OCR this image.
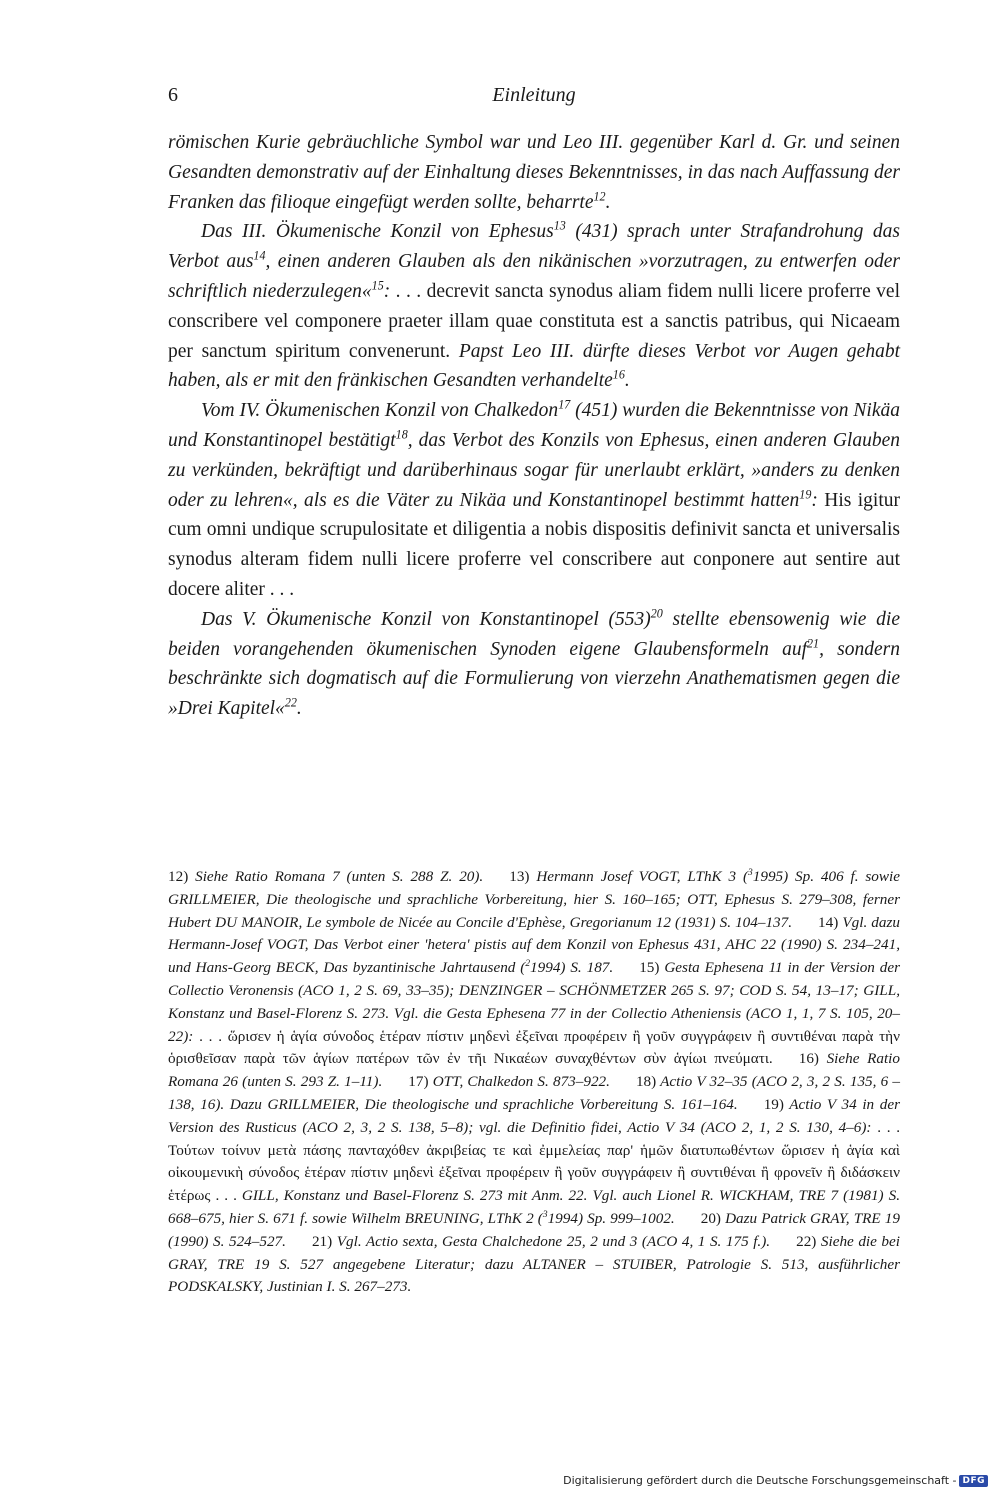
6	Einleitung

römischen Kurie gebräuchliche Symbol war und Leo III. gegenüber Karl d. Gr. und seinen Gesandten demonstrativ auf der Einhaltung dieses Bekenntnisses, in das nach Auffassung der Franken das filioque eingefügt werden sollte, beharrte$^{12}$.

Das III. Ökumenische Konzil von Ephesus$^{13}$ (431) sprach unter Strafandrohung das Verbot aus$^{14}$, einen anderen Glauben als den nikänischen »vorzutragen, zu entwerfen oder schriftlich niederzulegen«$^{15}$: . . . decrevit sancta synodus aliam fidem nulli licere proferre vel conscribere vel componere praeter illam quae constituta est a sanctis patribus, qui Nicaeam per sanctum spiritum convenerunt. Papst Leo III. dürfte dieses Verbot vor Augen gehabt haben, als er mit den fränkischen Gesandten verhandelte$^{16}$.

Vom IV. Ökumenischen Konzil von Chalkedon$^{17}$ (451) wurden die Bekenntnisse von Nikäa und Konstantinopel bestätigt$^{18}$, das Verbot des Konzils von Ephesus, einen anderen Glauben zu verkünden, bekräftigt und darüberhinaus sogar für unerlaubt erklärt, »anders zu denken oder zu lehren«, als es die Väter zu Nikäa und Konstantinopel bestimmt hatten$^{19}$: His igitur cum omni undique scrupulositate et diligentia a nobis dispositis definivit sancta et universalis synodus alteram fidem nulli licere proferre vel conscribere aut conponere aut sentire aut docere aliter . . .

Das V. Ökumenische Konzil von Konstantinopel $(553)^{20}$ stellte ebensowenig wie die beiden vorangehenden ökumenischen Synoden eigene Glaubensformeln auf$^{21}$, sondern beschränkte sich dogmatisch auf die Formulierung von vierzehn Anathematismen gegen die »Drei Kapitel«$^{22}$.

12) Siehe Ratio Romana 7 (unten S. 288 Z. 20). 13) Hermann Josef VOGT, LThK 3 ($^3$1995) Sp. 406 f. sowie GRILLMEIER, Die theologische und sprachliche Vorbereitung, hier S. 160–165; OTT, Ephesus S. 279–308, ferner Hubert DU MANOIR, Le symbole de Nicée au Concile d'Ephèse, Gregorianum 12 (1931) S. 104–137. 14) Vgl. dazu Hermann-Josef VOGT, Das Verbot einer 'hetera' pistis auf dem Konzil von Ephesus 431, AHC 22 (1990) S. 234–241, und Hans-Georg BECK, Das byzantinische Jahrtausend ($^2$1994) S. 187. 15) Gesta Ephesena 11 in der Version der Collectio Veronensis (ACO 1, 2 S. 69, 33–35); DENZINGER – SCHÖNMETZER 265 S. 97; COD S. 54, 13–17; GILL, Konstanz und Basel-Florenz S. 273. Vgl. die Gesta Ephesena 77 in der Collectio Atheniensis (ACO 1, 1, 7 S. 105, 20–22): . . . ὥρισεν ἡ ἁγία σύνοδος ἑτέραν πίστιν μηδενὶ ἐξεῖναι προφέρειν ἢ γοῦν συγγράφειν ἢ συντιθέναι παρὰ τὴν ὁρισθεῖσαν παρὰ τῶν ἁγίων πατέρων τῶν ἐν τῆι Νικαέων συναχθέντων σὺν ἁγίωι πνεύματι. 16) Siehe Ratio Romana 26 (unten S. 293 Z. 1–11). 17) OTT, Chalkedon S. 873–922. 18) Actio V 32–35 (ACO 2, 3, 2 S. 135, 6 – 138, 16). Dazu GRILLMEIER, Die theologische und sprachliche Vorbereitung S. 161–164. 19) Actio V 34 in der Version des Rusticus (ACO 2, 3, 2 S. 138, 5–8); vgl. die Definitio fidei, Actio V 34 (ACO 2, 1, 2 S. 130, 4–6): . . . Τούτων τοίνυν μετὰ πάσης πανταχόθεν ἀκριβείας τε καὶ ἐμμελείας παρ' ἡμῶν διατυπωθέντων ὥρισεν ἡ ἁγία καὶ οἰκουμενικὴ σύνοδος ἑτέραν πίστιν μηδενὶ ἐξεῖναι προφέρειν ἢ γοῦν συγγράφειν ἢ συντιθέναι ἢ φρονεῖν ἢ διδάσκειν ἑτέρως . . . GILL, Konstanz und Basel-Florenz S. 273 mit Anm. 22. Vgl. auch Lionel R. WICKHAM, TRE 7 (1981) S. 668–675, hier S. 671 f. sowie Wilhelm BREUNING, LThK 2 ($^3$1994) Sp. 999–1002. 20) Dazu Patrick GRAY, TRE 19 (1990) S. 524–527. 21) Vgl. Actio sexta, Gesta Chalchedone 25, 2 und 3 (ACO 4, 1 S. 175 f.). 22) Siehe die bei GRAY, TRE 19 S. 527 angegebene Literatur; dazu ALTANER – STUIBER, Patrologie S. 513, ausführlicher PODSKALSKY, Justinian I. S. 267–273.

Digitalisierung gefördert durch die Deutsche Forschungsgemeinschaft - DFG
